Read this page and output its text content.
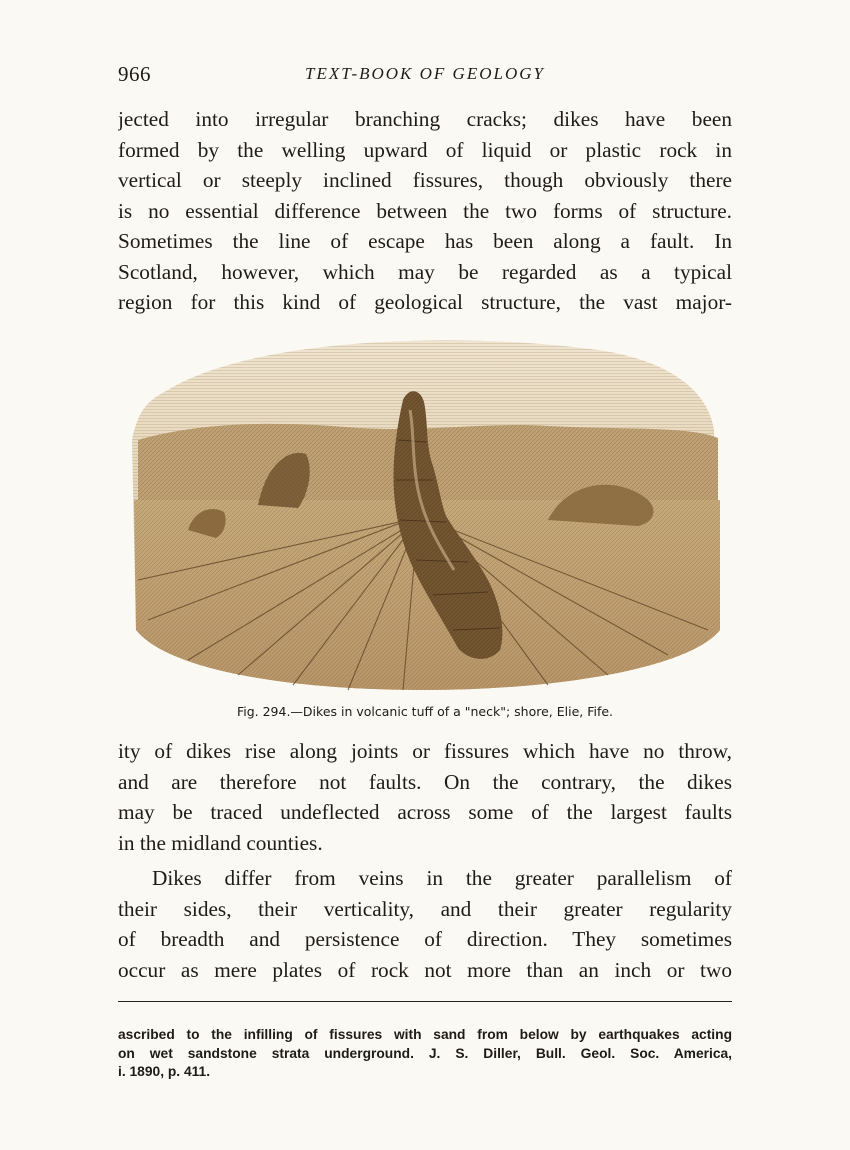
966	TEXT-BOOK OF GEOLOGY
jected into irregular branching cracks; dikes have been
formed by the welling upward of liquid or plastic rock in
vertical or steeply inclined fissures, though obviously there
is no essential difference between the two forms of structure.
Sometimes the line of escape has been along a fault. In
Scotland, however, which may be regarded as a typical
region for this kind of geological structure, the vast major-
Fig. 294.—Dikes in volcanic tuff of a "neck"; shore, Elie, Fife.
ity of dikes rise along joints or fissures which have no throw,
and are therefore not faults. On the contrary, the dikes
may be traced undeflected across some of the largest faults
in the midland counties.
Dikes differ from veins in the greater parallelism of
their sides, their verticality, and their greater regularity
of breadth and persistence of direction. They sometimes
occur as mere plates of rock not more than an inch or two
ascribed to the infilling of fissures with sand from below by earthquakes acting
on wet sandstone strata underground. J. S. Diller, Bull. Geol. Soc. America,
i. 1890, p. 411.
